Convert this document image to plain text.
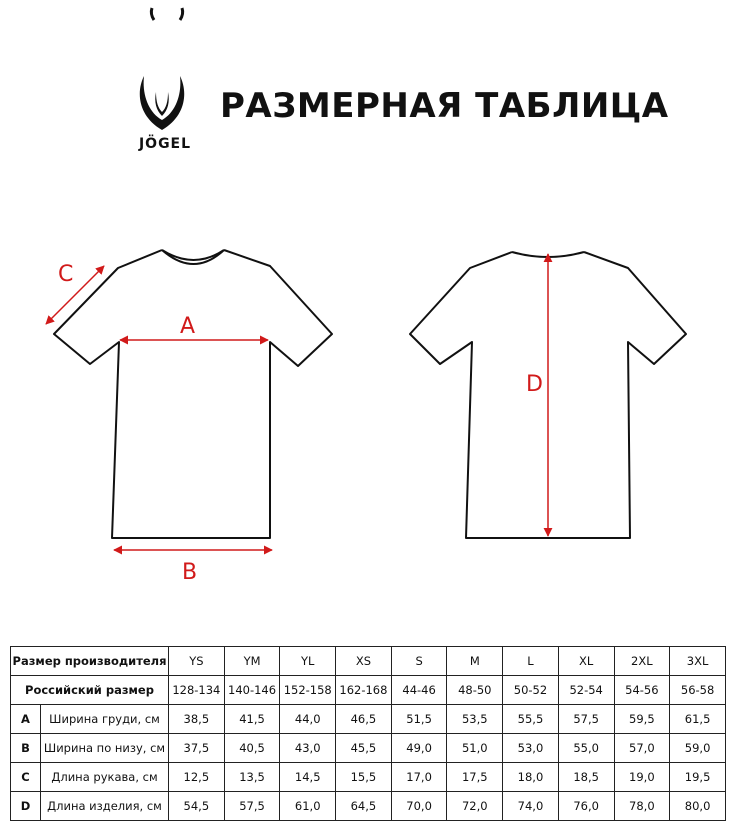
JÖGEL
РАЗМЕРНАЯ ТАБЛИЦА
A
B
C
D
Размер производителя		YS	YM	YL	XS	S	M	L	XL	2XL	3XL
Российский размер		128-134	140-146	152-158	162-168	44-46	48-50	50-52	52-54	54-56	56-58
A	Ширина груди, см	38,5	41,5	44,0	46,5	51,5	53,5	55,5	57,5	59,5	61,5
B	Ширина по низу, см	37,5	40,5	43,0	45,5	49,0	51,0	53,0	55,0	57,0	59,0
C	Длина рукава, см	12,5	13,5	14,5	15,5	17,0	17,5	18,0	18,5	19,0	19,5
D	Длина изделия, см	54,5	57,5	61,0	64,5	70,0	72,0	74,0	76,0	78,0	80,0
